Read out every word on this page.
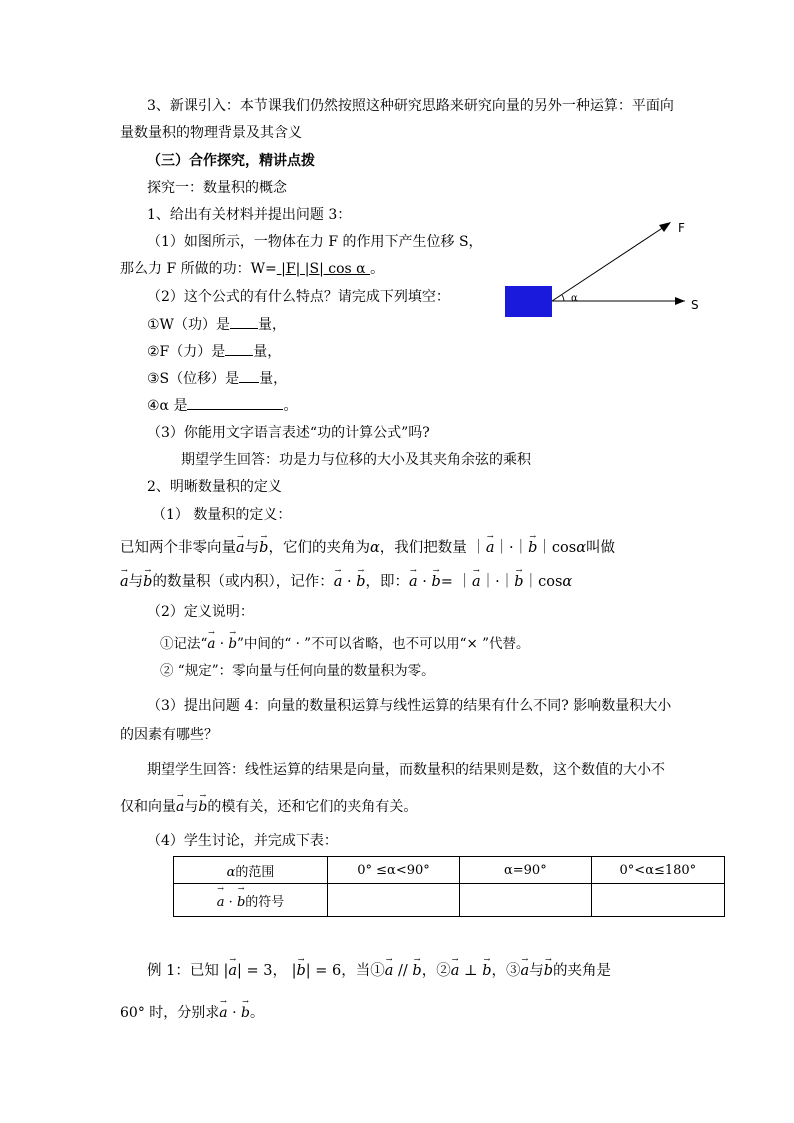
3、新课引入：本节课我们仍然按照这种研究思路来研究向量的另外一种运算：平面向
量数量积的物理背景及其含义
（三）合作探究，精讲点拨
探究一：数量积的概念
1、给出有关材料并提出问题 3：
（1）如图所示，一物体在力 F 的作用下产生位移 S，
那么力 F 所做的功：W= |F| |S| cos α 。
（2）这个公式的有什么特点？请完成下列填空：
①W（功）是 量，
②F（力）是 量，
③S（位移）是 量，
④α 是	。
α
F
S
（3）你能用文字语言表述“功的计算公式”吗?
期望学生回答：功是力与位移的大小及其夹角余弦的乘积
2、明晰数量积的定义
（1） 数量积的定义：
已知两个非零向量→ a与→ b，它们的夹角为α，我们把数量 ｜→ a｜·｜→ b｜cosα叫做
→ a与→ b的数量积（或内积），记作：→ a · → b，即：→ a · → b= ｜→ a｜·｜→ b｜cosα
（2）定义说明：
①记法“→ a · → b”中间的“ · ”不可以省略，也不可以用“× ”代替。
② “规定”：零向量与任何向量的数量积为零。
（3）提出问题 4：向量的数量积运算与线性运算的结果有什么不同? 影响数量积大小
的因素有哪些？
期望学生回答：线性运算的结果是向量，而数量积的结果则是数，这个数值的大小不
仅和向量→ a与→ b的模有关，还和它们的夹角有关。
（4）学生讨论，并完成下表：
α的范围	0° ≤α<90°	α=90°	0°<α≤180°
→ a · → b的符号			
例 1：已知 |→ a| = 3， |→ b| = 6，当①→ a // → b，②→ a ⊥ → b，③→ a与→ b的夹角是
60° 时，分别求→ a · → b。
